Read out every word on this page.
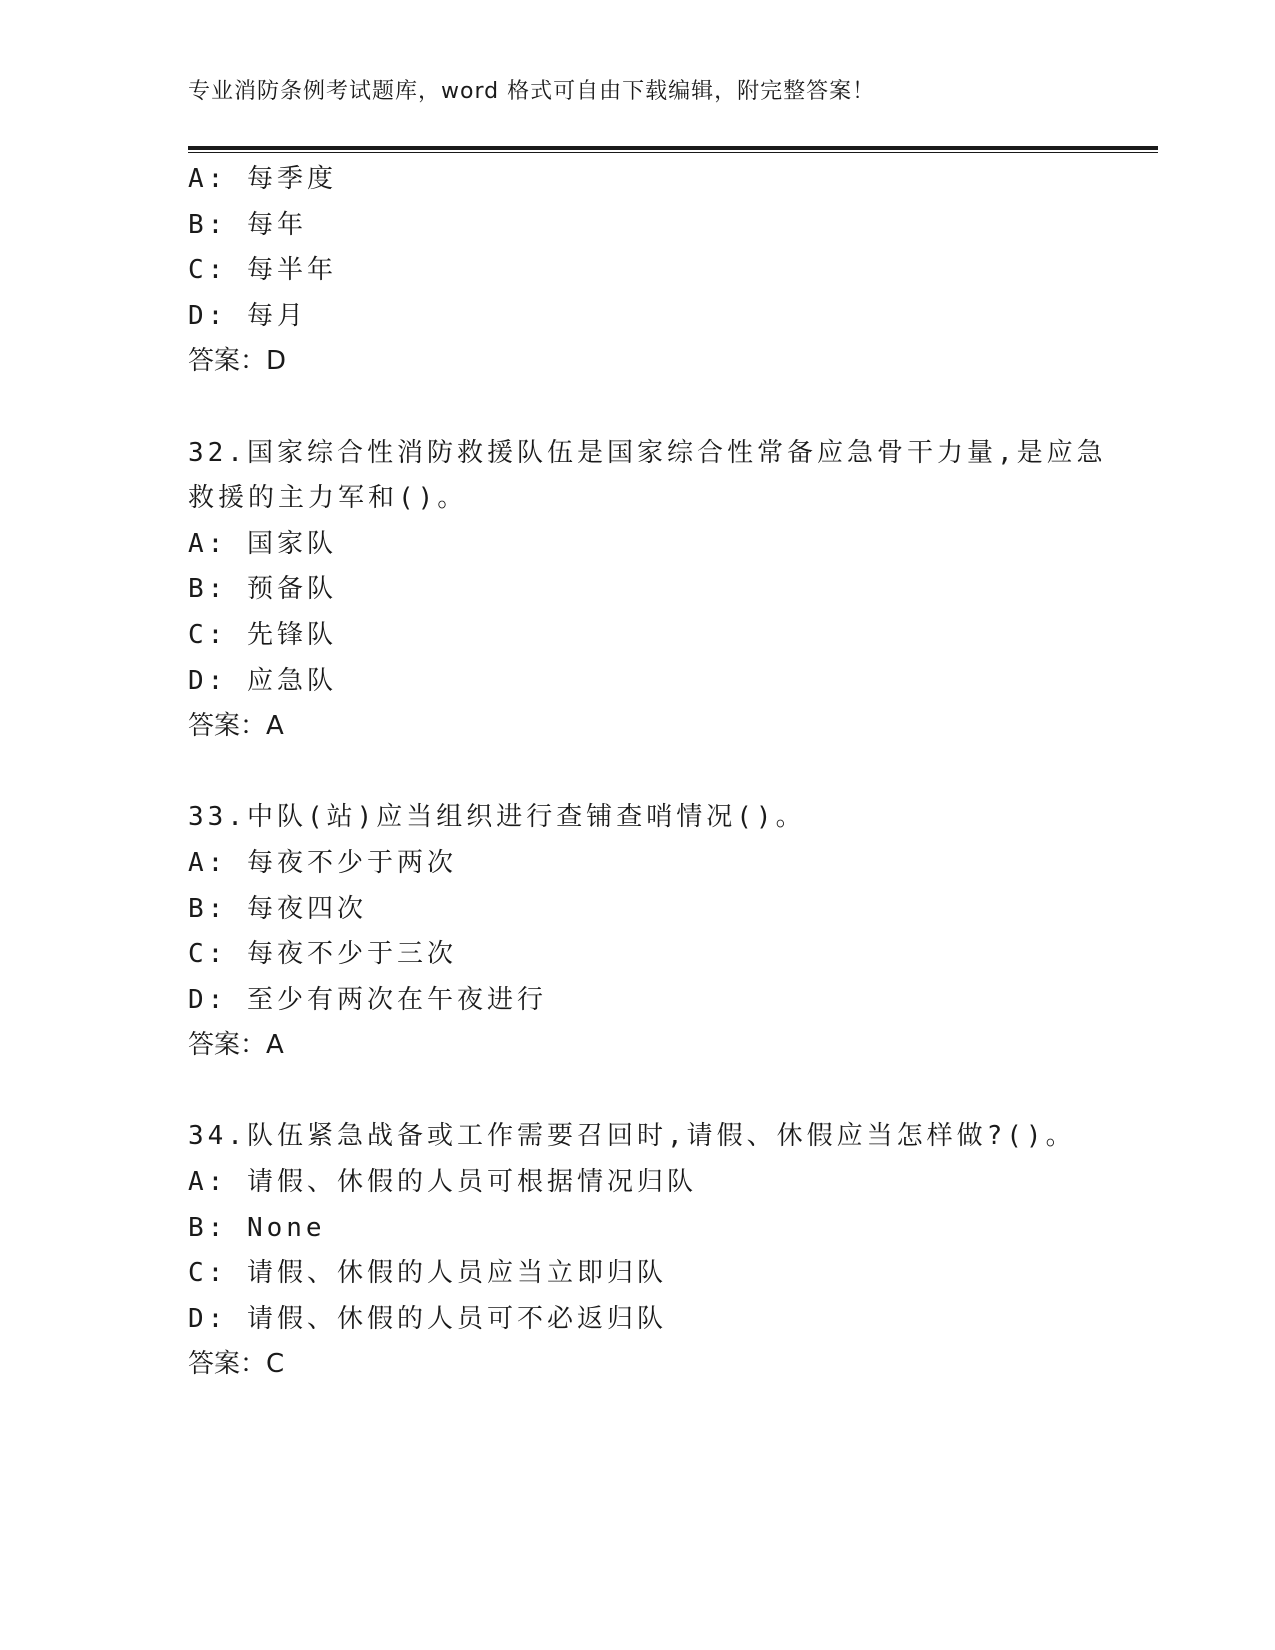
专业消防条例考试题库，word 格式可自由下载编辑，附完整答案！
A: 每季度
B: 每年
C: 每半年
D: 每月
答案：D
32.国家综合性消防救援队伍是国家综合性常备应急骨干力量,是应急
救援的主力军和()。
A: 国家队
B: 预备队
C: 先锋队
D: 应急队
答案：A
33.中队(站)应当组织进行查铺查哨情况()。
A: 每夜不少于两次
B: 每夜四次
C: 每夜不少于三次
D: 至少有两次在午夜进行
答案：A
34.队伍紧急战备或工作需要召回时,请假、休假应当怎样做?()。
A: 请假、休假的人员可根据情况归队
B: None
C: 请假、休假的人员应当立即归队
D: 请假、休假的人员可不必返归队
答案：C
